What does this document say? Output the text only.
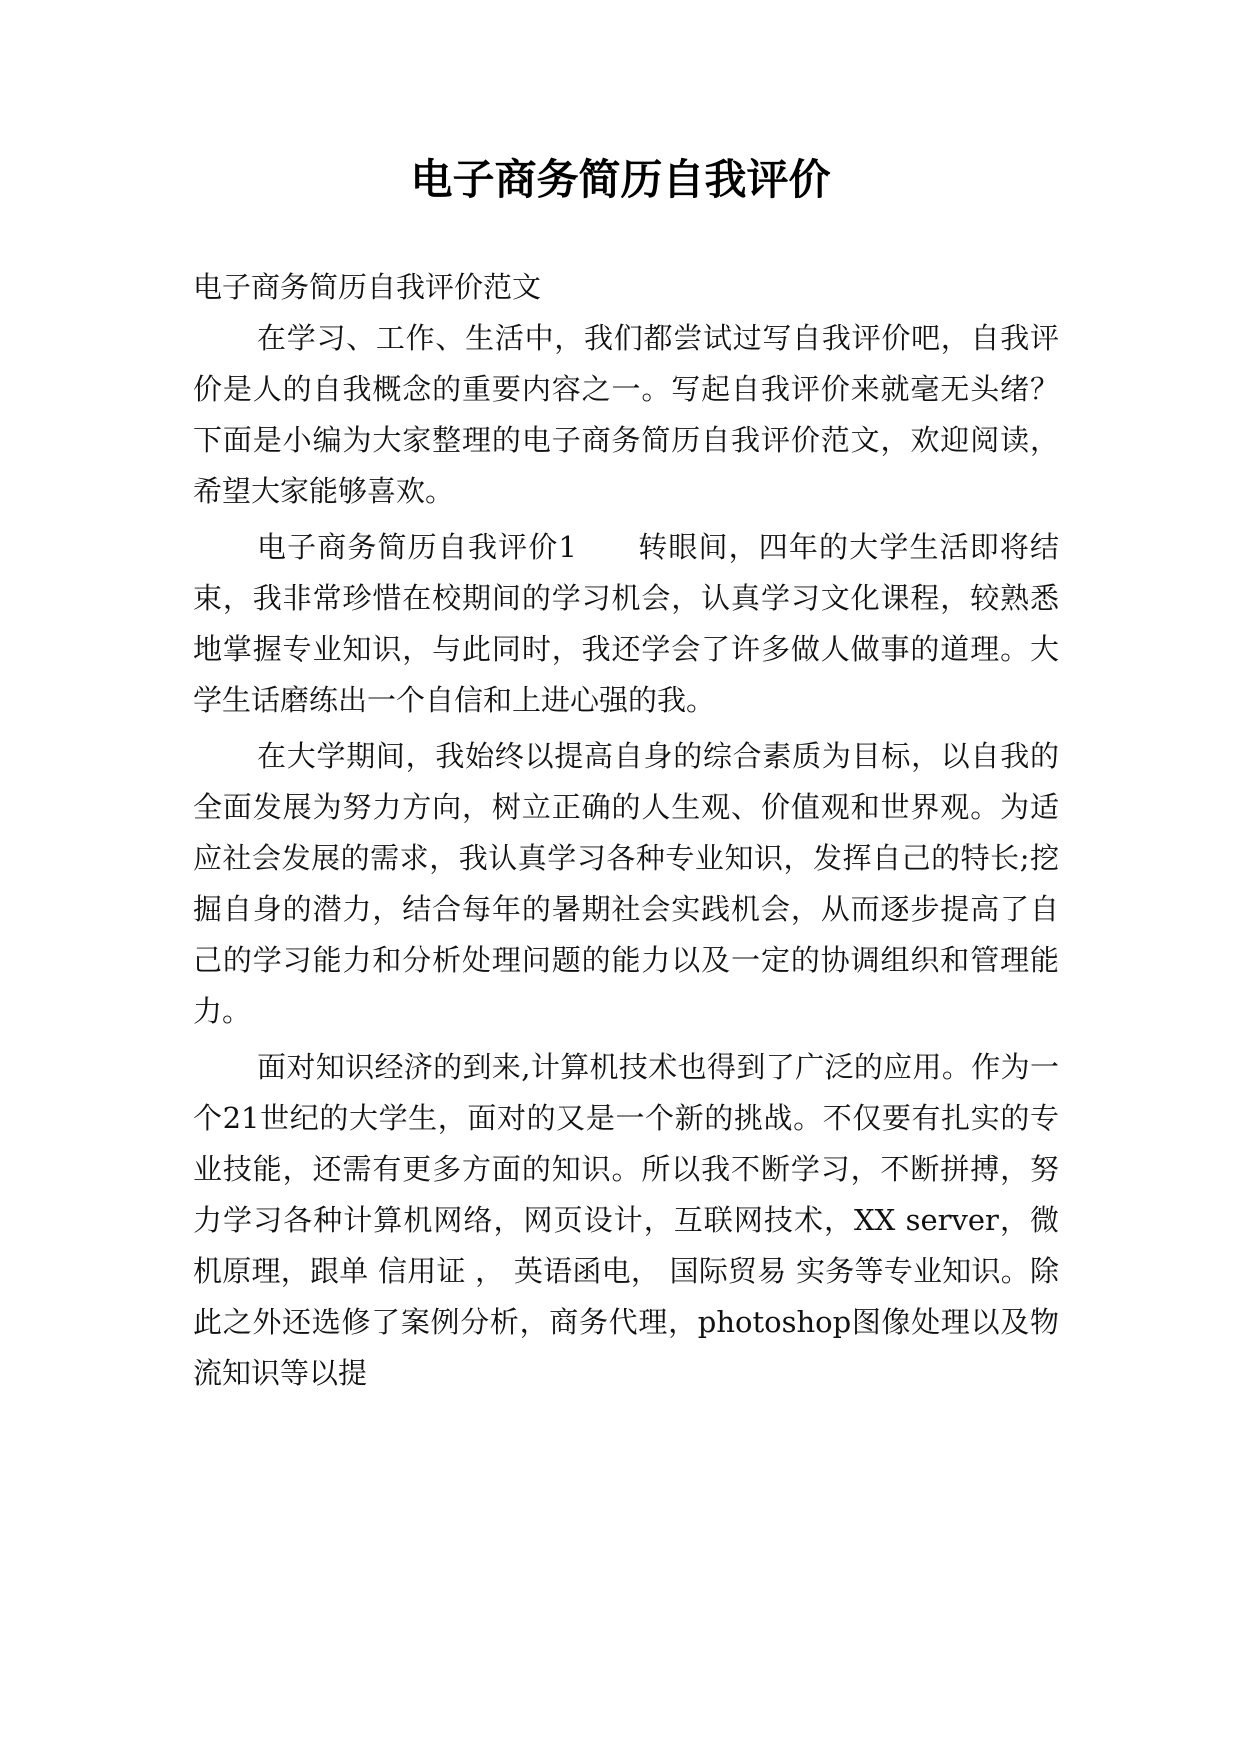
电子商务简历自我评价

电子商务简历自我评价范文

在学习、工作、生活中，我们都尝试过写自我评价吧，自我评价是人的自我概念的重要内容之一。写起自我评价来就毫无头绪？下面是小编为大家整理的电子商务简历自我评价范文，欢迎阅读，希望大家能够喜欢。

电子商务简历自我评价1　　转眼间，四年的大学生活即将结束，我非常珍惜在校期间的学习机会，认真学习文化课程，较熟悉地掌握专业知识，与此同时，我还学会了许多做人做事的道理。大学生话磨练出一个自信和上进心强的我。

在大学期间，我始终以提高自身的综合素质为目标，以自我的全面发展为努力方向，树立正确的人生观、价值观和世界观。为适应社会发展的需求，我认真学习各种专业知识，发挥自己的特长;挖掘自身的潜力，结合每年的暑期社会实践机会，从而逐步提高了自己的学习能力和分析处理问题的能力以及一定的协调组织和管理能力。

面对知识经济的到来,计算机技术也得到了广泛的应用。作为一个21世纪的大学生，面对的又是一个新的挑战。不仅要有扎实的专业技能，还需有更多方面的知识。所以我不断学习，不断拼搏，努力学习各种计算机网络，网页设计，互联网技术，XX server，微机原理，跟单 信用证 ， 英语函电， 国际贸易 实务等专业知识。除此之外还选修了案例分析，商务代理，photoshop图像处理以及物流知识等以提
